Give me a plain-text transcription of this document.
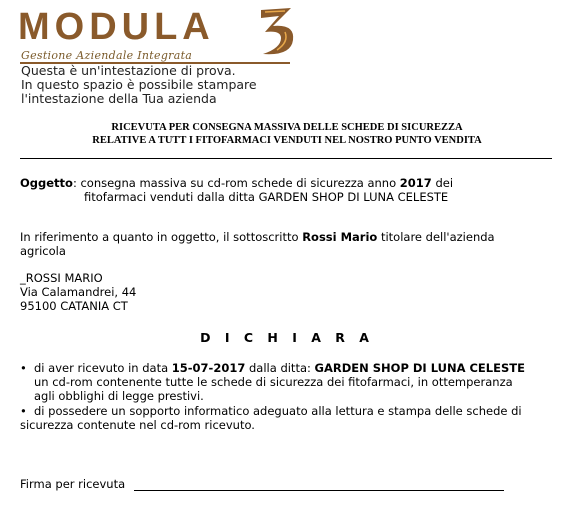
MODULA
Gestione Aziendale Integrata
Questa è un'intestazione di prova.
In questo spazio è possibile stampare
l'intestazione della Tua azienda
RICEVUTA PER CONSEGNA MASSIVA DELLE SCHEDE DI SICUREZZA
RELATIVE A TUTT I FITOFARMACI VENDUTI NEL NOSTRO PUNTO VENDITA
Oggetto: consegna massiva su cd-rom schede di sicurezza anno 2017 dei
fitofarmaci venduti dalla ditta GARDEN SHOP DI LUNA CELESTE
In riferimento a quanto in oggetto, il sottoscritto Rossi Mario titolare dell'azienda
agricola
_ROSSI MARIO
Via Calamandrei, 44
95100 CATANIA CT
D I C H I A R A
• di aver ricevuto in data 15-07-2017 dalla ditta: GARDEN SHOP DI LUNA CELESTE
un cd-rom contenente tutte le schede di sicurezza dei fitofarmaci, in ottemperanza
agli obblighi di legge prestivi.
• di possedere un sopporto informatico adeguato alla lettura e stampa delle schede di
sicurezza contenute nel cd-rom ricevuto.
Firma per ricevuta
